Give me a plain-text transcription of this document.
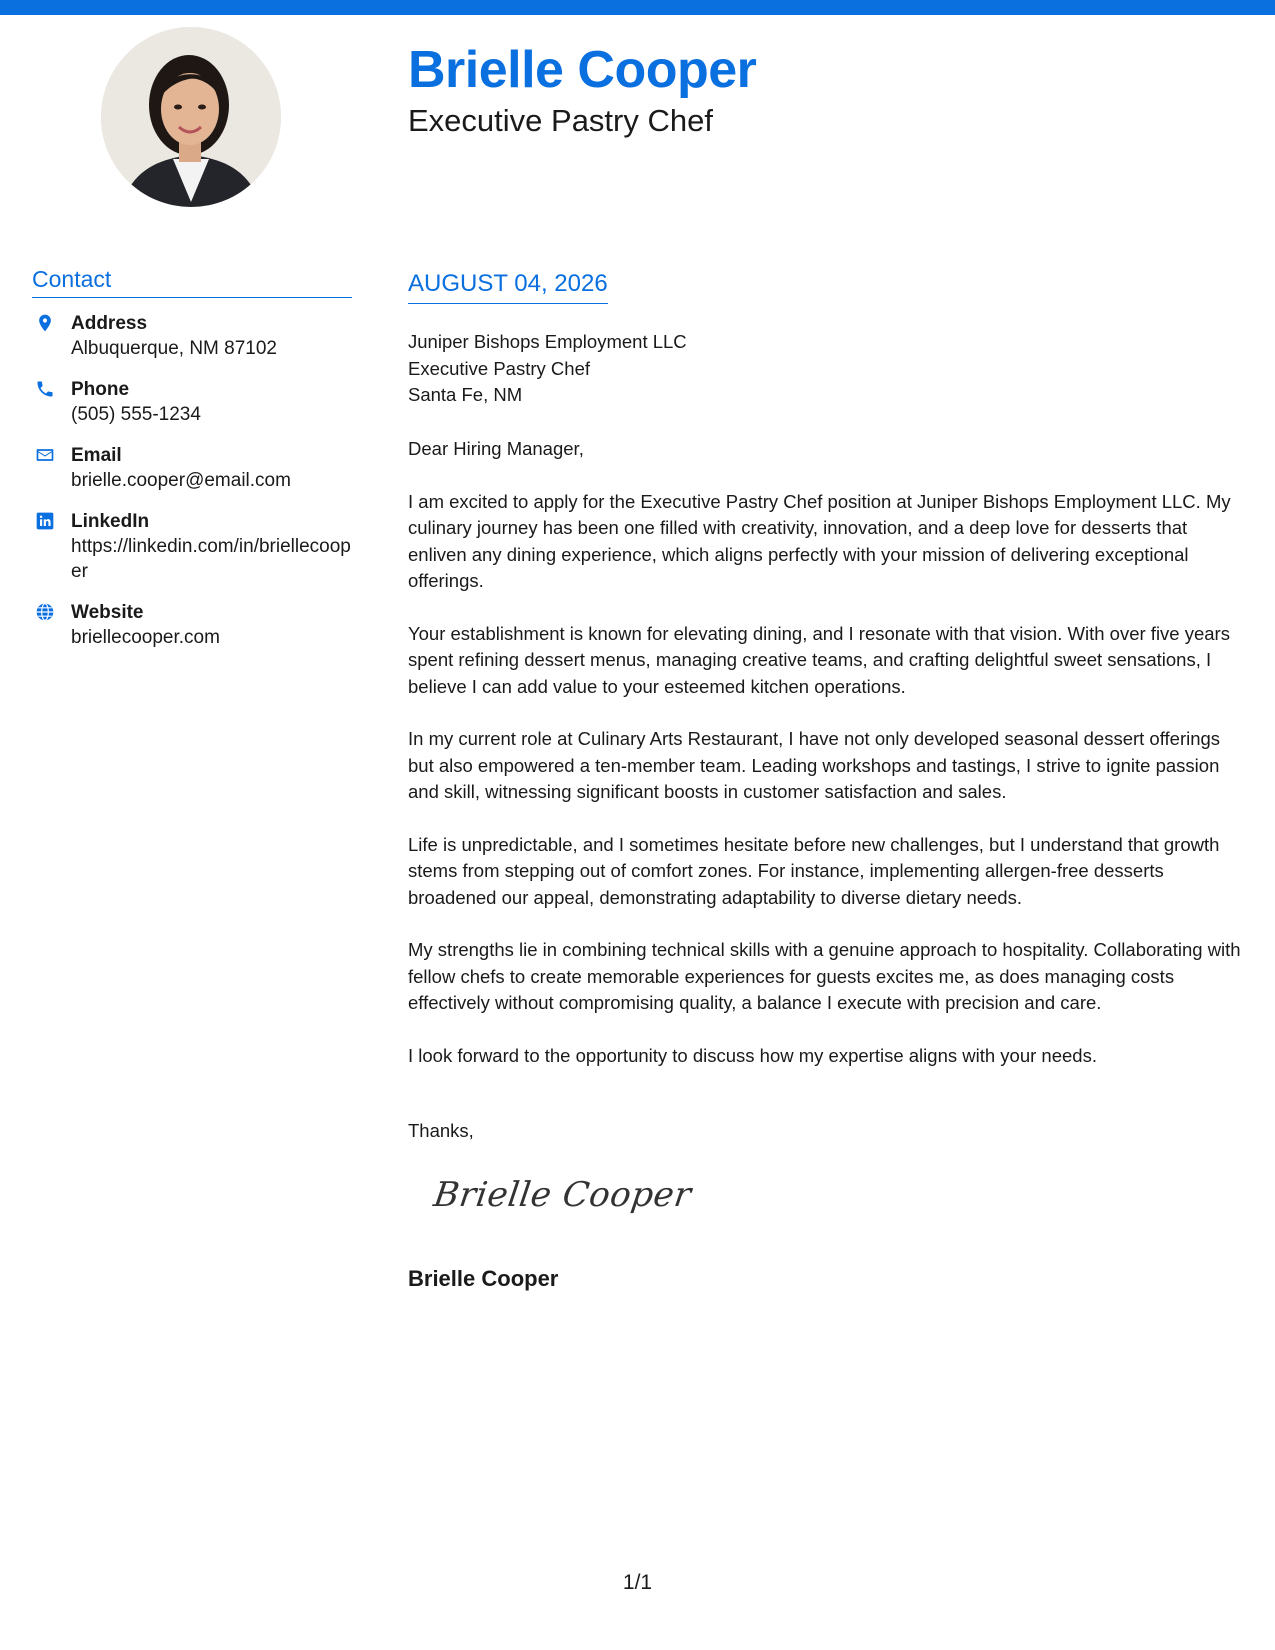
Brielle Cooper
Executive Pastry Chef
Contact
Address
Albuquerque, NM 87102
Phone
(505) 555-1234
Email
brielle.cooper@email.com
LinkedIn
https://linkedin.com/in/briellecooper
Website
briellecooper.com
AUGUST 04, 2026
Juniper Bishops Employment LLC
Executive Pastry Chef
Santa Fe, NM

Dear Hiring Manager,

I am excited to apply for the Executive Pastry Chef position at Juniper Bishops Employment LLC. My culinary journey has been one filled with creativity, innovation, and a deep love for desserts that enliven any dining experience, which aligns perfectly with your mission of delivering exceptional offerings.

Your establishment is known for elevating dining, and I resonate with that vision. With over five years spent refining dessert menus, managing creative teams, and crafting delightful sweet sensations, I believe I can add value to your esteemed kitchen operations.

In my current role at Culinary Arts Restaurant, I have not only developed seasonal dessert offerings but also empowered a ten-member team. Leading workshops and tastings, I strive to ignite passion and skill, witnessing significant boosts in customer satisfaction and sales.

Life is unpredictable, and I sometimes hesitate before new challenges, but I understand that growth stems from stepping out of comfort zones. For instance, implementing allergen-free desserts broadened our appeal, demonstrating adaptability to diverse dietary needs.

My strengths lie in combining technical skills with a genuine approach to hospitality. Collaborating with fellow chefs to create memorable experiences for guests excites me, as does managing costs effectively without compromising quality, a balance I execute with precision and care.

I look forward to the opportunity to discuss how my expertise aligns with your needs.

Thanks,
Brielle Cooper
Brielle Cooper
1/1
